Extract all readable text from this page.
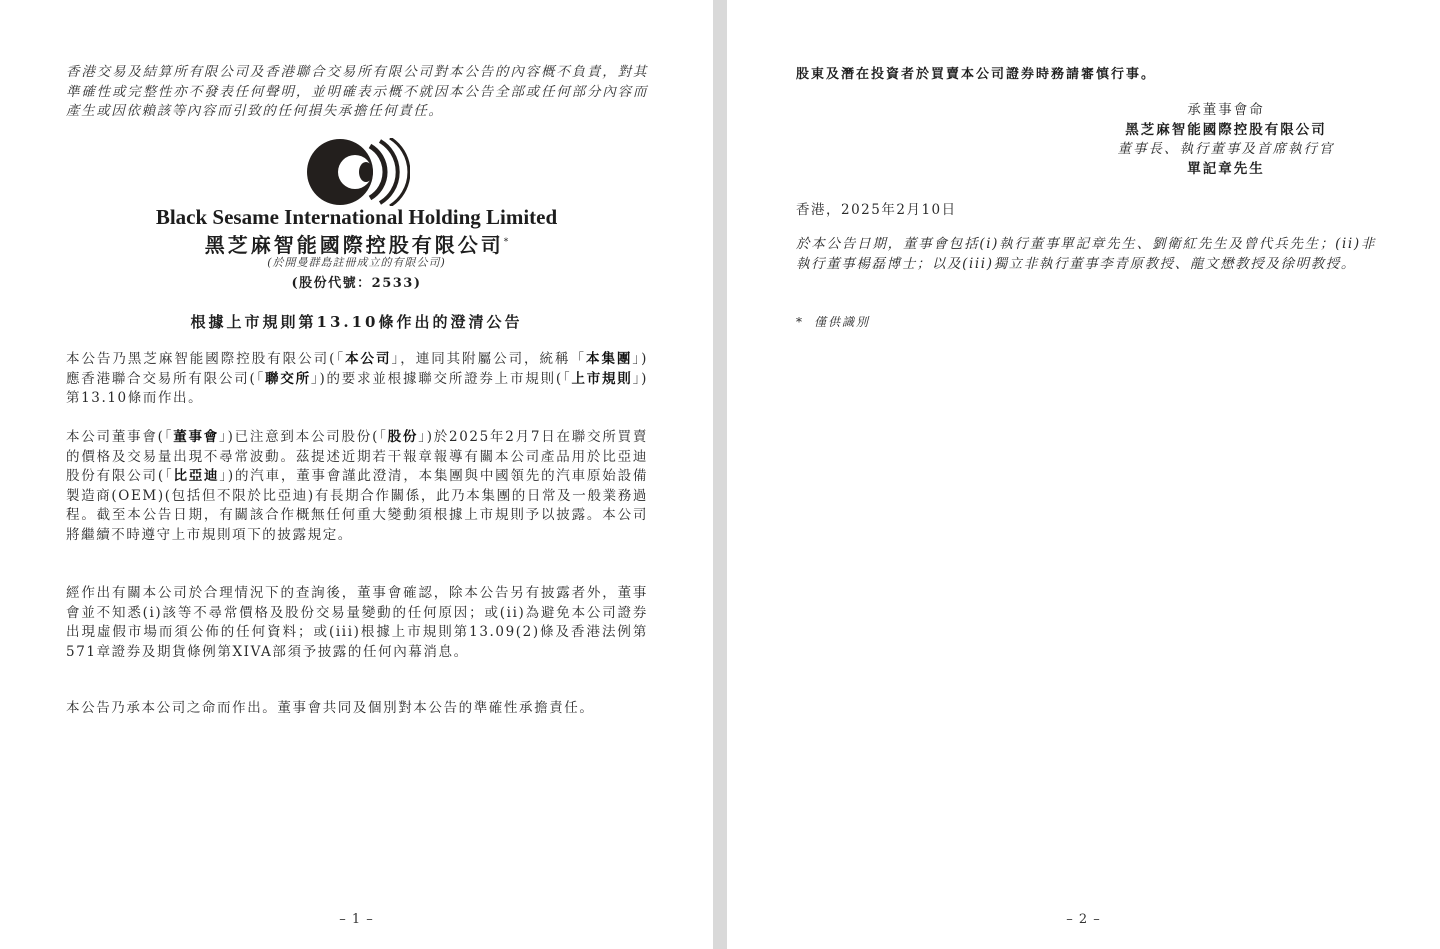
香港交易及結算所有限公司及香港聯合交易所有限公司對本公告的內容概不負責，對其準確性或完整性亦不發表任何聲明，並明確表示概不就因本公告全部或任何部分內容而產生或因依賴該等內容而引致的任何損失承擔任何責任。
Black Sesame International Holding Limited
黑芝麻智能國際控股有限公司*
(於開曼群島註冊成立的有限公司)
(股份代號：2533)
根據上市規則第13.10條作出的澄清公告
本公告乃黑芝麻智能國際控股有限公司(「本公司」，連同其附屬公司，統稱「本集團」)應香港聯合交易所有限公司(「聯交所」)的要求並根據聯交所證券上市規則(「上市規則」)第13.10條而作出。
本公司董事會(「董事會」)已注意到本公司股份(「股份」)於2025年2月7日在聯交所買賣的價格及交易量出現不尋常波動。茲提述近期若干報章報導有關本公司產品用於比亞迪股份有限公司(「比亞迪」)的汽車，董事會謹此澄清，本集團與中國領先的汽車原始設備製造商(OEM)(包括但不限於比亞迪)有長期合作關係，此乃本集團的日常及一般業務過程。截至本公告日期，有關該合作概無任何重大變動須根據上市規則予以披露。本公司將繼續不時遵守上市規則項下的披露規定。
經作出有關本公司於合理情況下的查詢後，董事會確認，除本公告另有披露者外，董事會並不知悉(i)該等不尋常價格及股份交易量變動的任何原因；或(ii)為避免本公司證券出現虛假市場而須公佈的任何資料；或(iii)根據上市規則第13.09(2)條及香港法例第571章證券及期貨條例第XIVA部須予披露的任何內幕消息。
本公告乃承本公司之命而作出。董事會共同及個別對本公告的準確性承擔責任。
– 1 –
股東及潛在投資者於買賣本公司證券時務請審慎行事。
承董事會命
黑芝麻智能國際控股有限公司
董事長、執行董事及首席執行官
單記章先生
香港，2025年2月10日
於本公告日期，董事會包括(i)執行董事單記章先生、劉衛紅先生及曾代兵先生；(ii)非執行董事楊磊博士；以及(iii)獨立非執行董事李青原教授、龍文懋教授及徐明教授。
* 僅供識別
– 2 –
